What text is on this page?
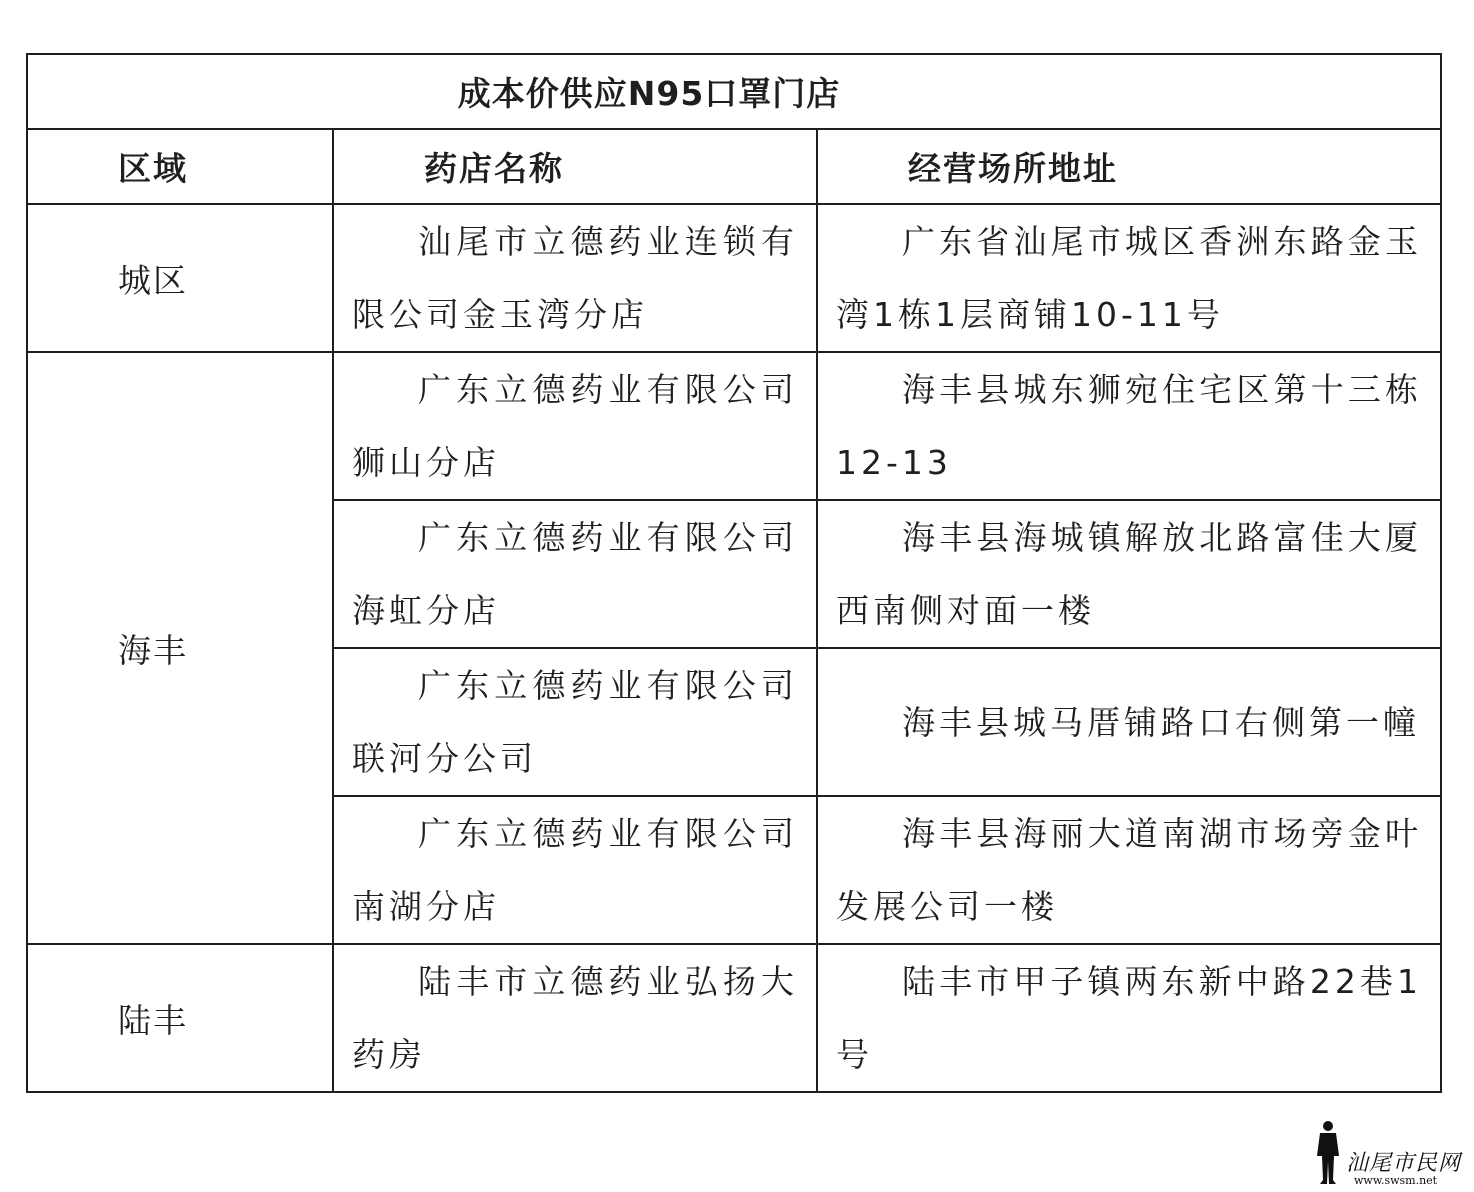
成本价供应N95口罩门店		
区域	药店名称	经营场所地址
城区	汕尾市立德药业连锁有限公司金玉湾分店	广东省汕尾市城区香洲东路金玉湾1栋1层商铺10-11号
海丰	广东立德药业有限公司狮山分店	海丰县城东狮宛住宅区第十三栋12-13
	广东立德药业有限公司海虹分店	海丰县海城镇解放北路富佳大厦西南侧对面一楼
	广东立德药业有限公司联河分公司	海丰县城马厝铺路口右侧第一幢
	广东立德药业有限公司南湖分店	海丰县海丽大道南湖市场旁金叶发展公司一楼
陆丰	陆丰市立德药业弘扬大药房	陆丰市甲子镇两东新中路22巷1号
汕尾市民网
www.swsm.net
